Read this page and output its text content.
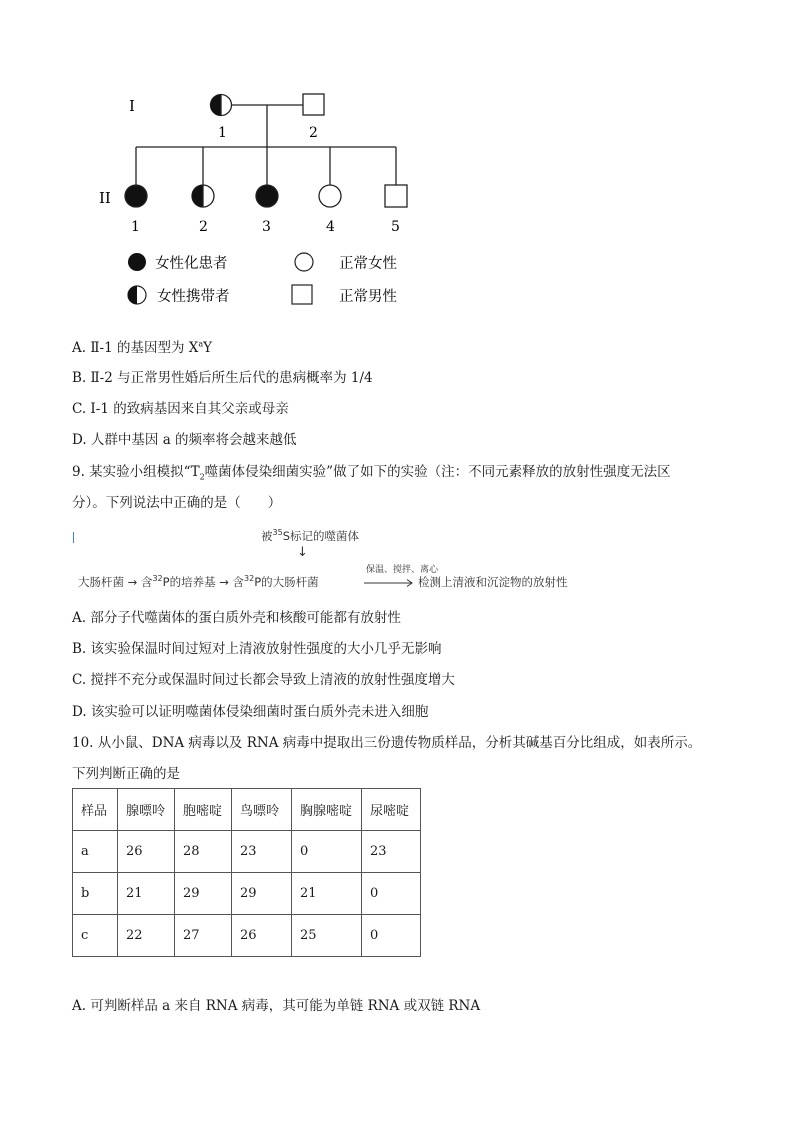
I
II
1	2
1	2	3	4	5
女性化患者	正常女性
女性携带者	正常男性
A. Ⅱ-1 的基因型为 $X^aY$
B. Ⅱ-2 与正常男性婚后所生后代的患病概率为 1/4
C. I-1 的致病基因来自其父亲或母亲
D. 人群中基因 a 的频率将会越来越低
9. 某实验小组模拟“$T_2$噬菌体侵染细菌实验”做了如下的实验（注：不同元素释放的放射性强度无法区
分）。下列说法中正确的是（　　）
被$^{35}$S标记的噬菌体
↓
大肠杆菌 → 含$^{32}$P的培养基 → 含$^{32}$P的大肠杆菌
保温、搅拌、离心
检测上清液和沉淀物的放射性
A. 部分子代噬菌体的蛋白质外壳和核酸可能都有放射性
B. 该实验保温时间过短对上清液放射性强度的大小几乎无影响
C. 搅拌不充分或保温时间过长都会导致上清液的放射性强度增大
D. 该实验可以证明噬菌体侵染细菌时蛋白质外壳未进入细胞
10. 从小鼠、DNA 病毒以及 RNA 病毒中提取出三份遗传物质样品，分析其碱基百分比组成，如表所示。
下列判断正确的是
样品	腺嘌呤	胞嘧啶	鸟嘌呤	胸腺嘧啶	尿嘧啶
a	26	28	23	0	23
b	21	29	29	21	0
c	22	27	26	25	0
A. 可判断样品 a 来自 RNA 病毒，其可能为单链 RNA 或双链 RNA
